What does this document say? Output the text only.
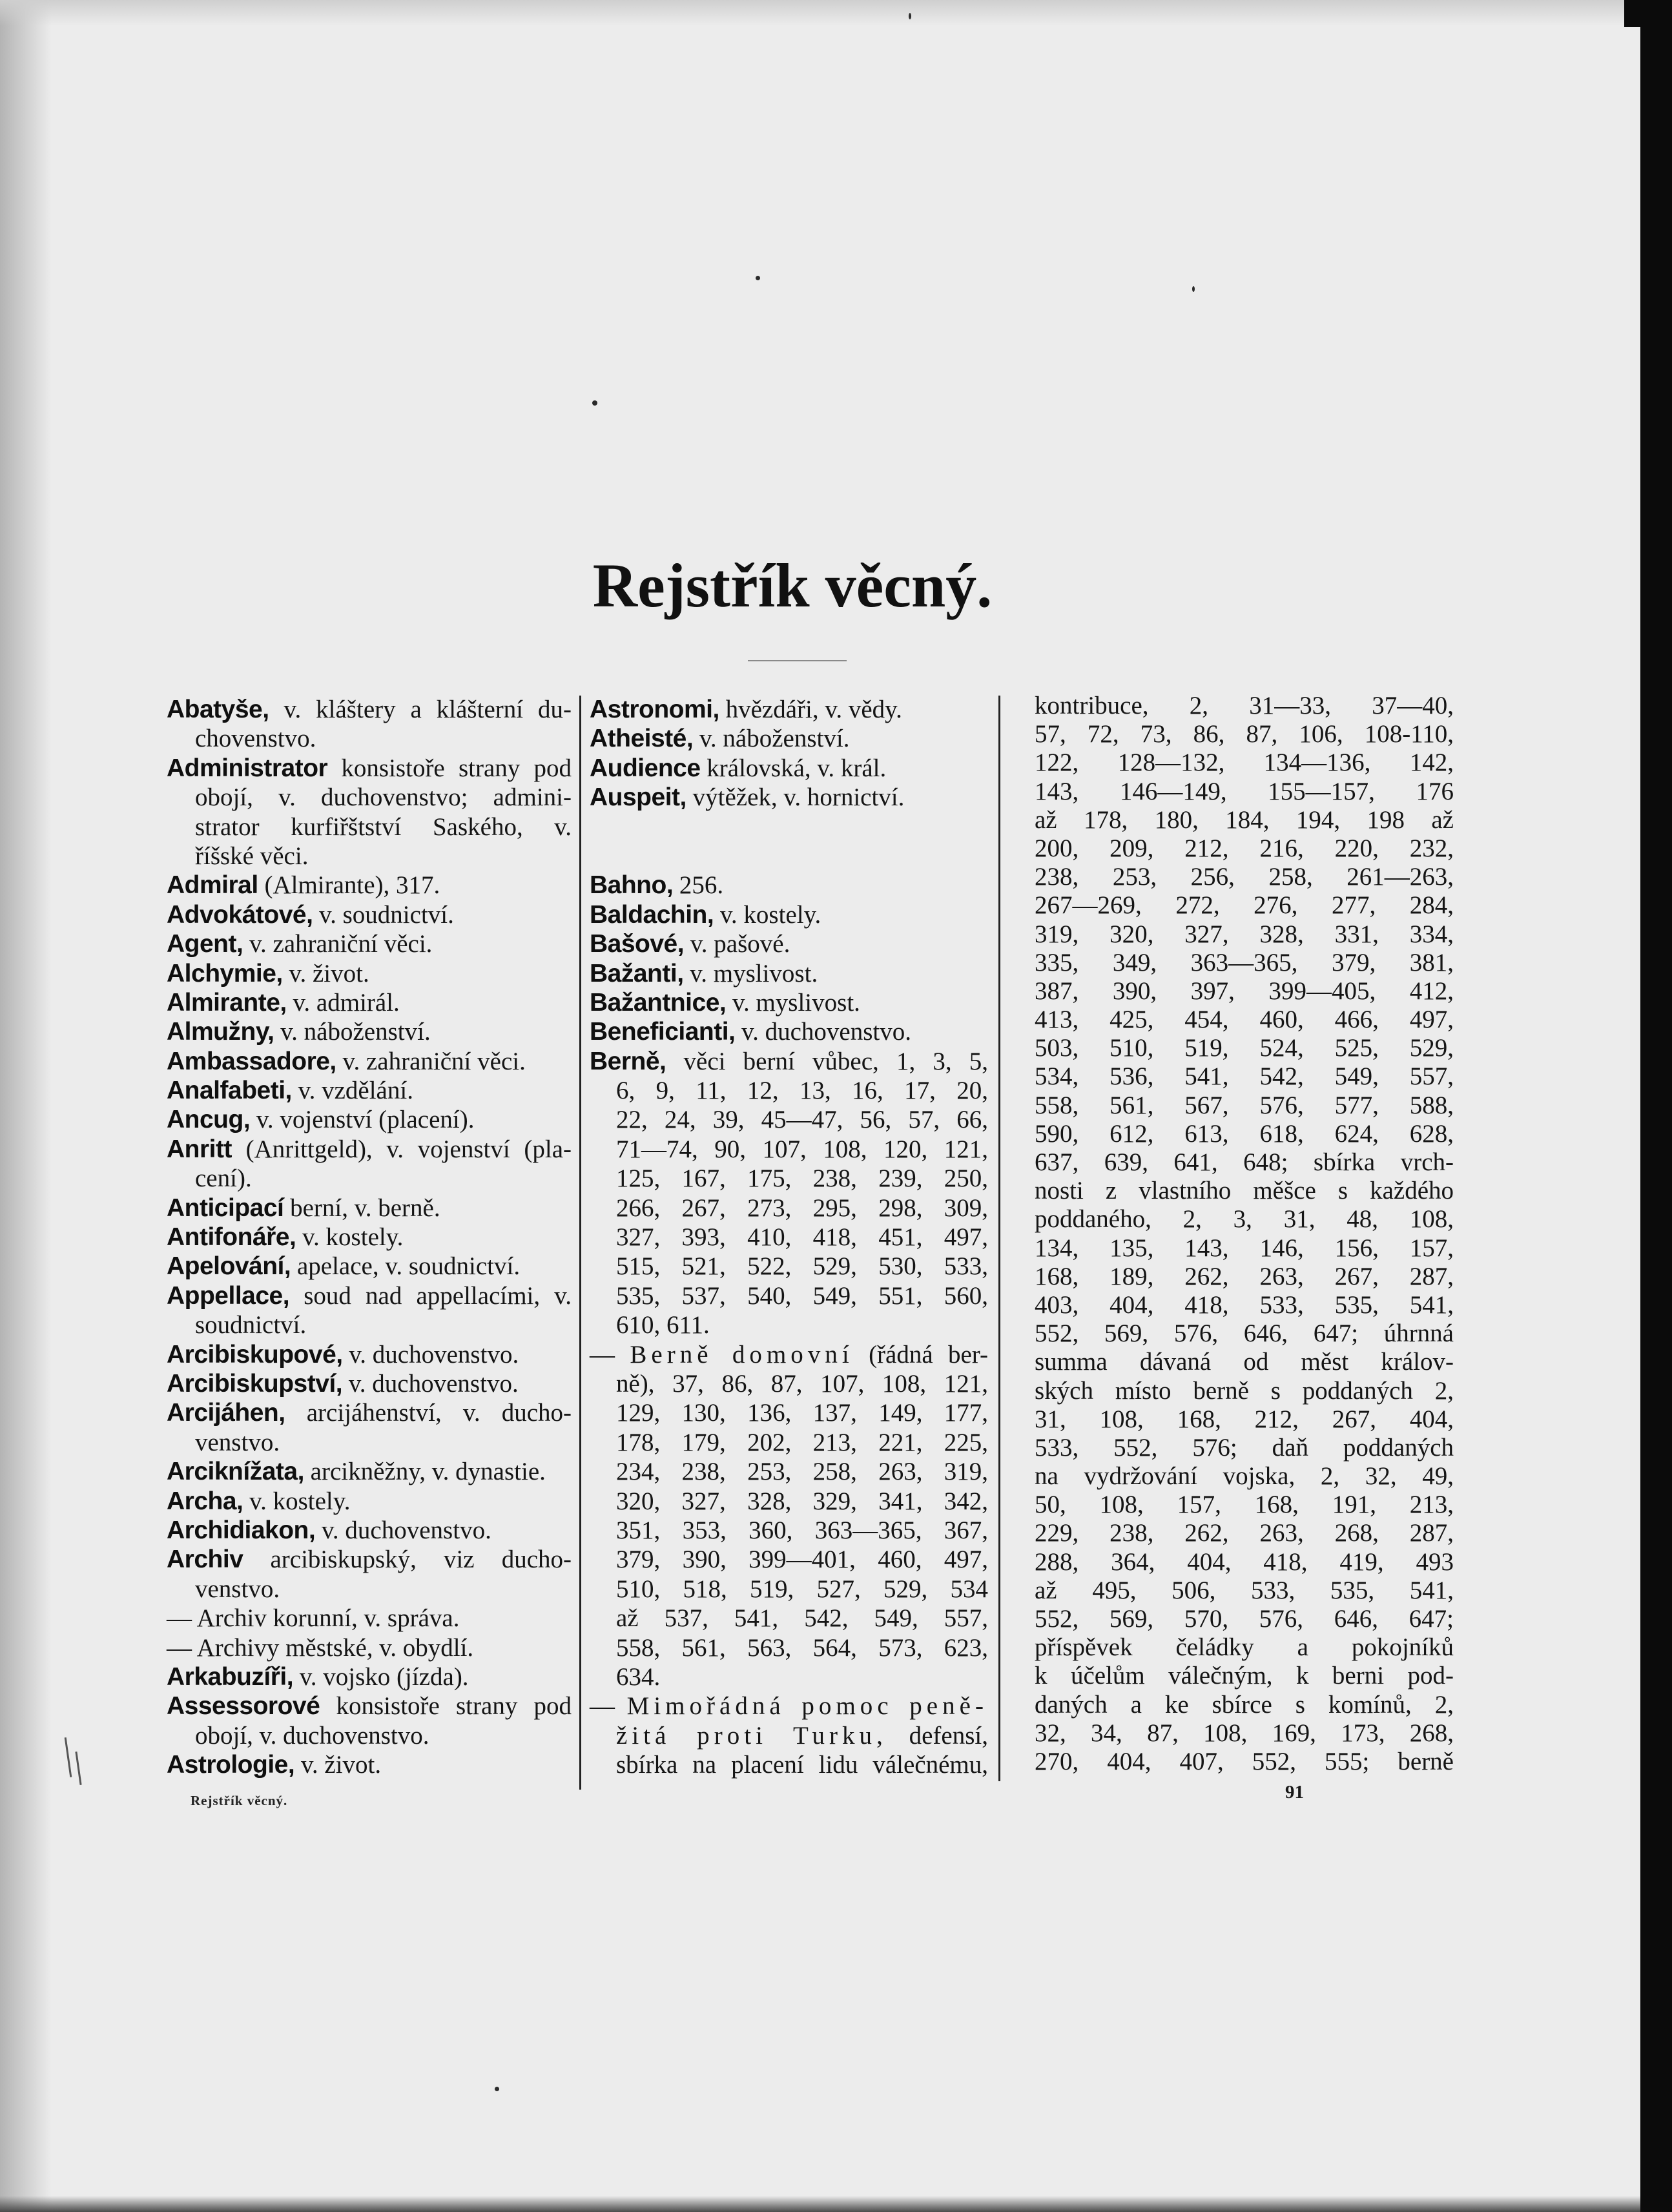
Rejstřík věcný.
Abatyše, v. kláštery a klášterní du-
chovenstvo.
Administrator konsistoře strany pod
obojí, v. duchovenstvo; admini-
strator kurfiřštství Saského, v.
říšské věci.
Admiral (Almirante), 317.
Advokátové, v. soudnictví.
Agent, v. zahraniční věci.
Alchymie, v. život.
Almirante, v. admirál.
Almužny, v. náboženství.
Ambassadore, v. zahraniční věci.
Analfabeti, v. vzdělání.
Ancug, v. vojenství (placení).
Anritt (Anrittgeld), v. vojenství (pla-
cení).
Anticipací berní, v. berně.
Antifonáře, v. kostely.
Apelování, apelace, v. soudnictví.
Appellace, soud nad appellacími, v.
soudnictví.
Arcibiskupové, v. duchovenstvo.
Arcibiskupství, v. duchovenstvo.
Arcijáhen, arcijáhenství, v. ducho-
venstvo.
Arciknížata, arcikněžny, v. dynastie.
Archa, v. kostely.
Archidiakon, v. duchovenstvo.
Archiv arcibiskupský, viz ducho-
venstvo.
— Archiv korunní, v. správa.
— Archivy městské, v. obydlí.
Arkabuzíři, v. vojsko (jízda).
Assessorové konsistoře strany pod
obojí, v. duchovenstvo.
Astrologie, v. život.
Astronomi, hvězdáři, v. vědy.
Atheisté, v. náboženství.
Audience královská, v. král.
Auspeit, výtěžek, v. hornictví.
Bahno, 256.
Baldachin, v. kostely.
Bašové, v. pašové.
Bažanti, v. myslivost.
Bažantnice, v. myslivost.
Beneficianti, v. duchovenstvo.
Berně, věci berní vůbec, 1, 3, 5,
6, 9, 11, 12, 13, 16, 17, 20,
22, 24, 39, 45—47, 56, 57, 66,
71—74, 90, 107, 108, 120, 121,
125, 167, 175, 238, 239, 250,
266, 267, 273, 295, 298, 309,
327, 393, 410, 418, 451, 497,
515, 521, 522, 529, 530, 533,
535, 537, 540, 549, 551, 560,
610, 611.
— Berně domovní (řádná ber-
ně), 37, 86, 87, 107, 108, 121,
129, 130, 136, 137, 149, 177,
178, 179, 202, 213, 221, 225,
234, 238, 253, 258, 263, 319,
320, 327, 328, 329, 341, 342,
351, 353, 360, 363—365, 367,
379, 390, 399—401, 460, 497,
510, 518, 519, 527, 529, 534
až 537, 541, 542, 549, 557,
558, 561, 563, 564, 573, 623,
634.
— Mimořádná pomoc peně-
žitá proti Turku, defensí,
sbírka na placení lidu válečnému,
kontribuce, 2, 31—33, 37—40,
57, 72, 73, 86, 87, 106, 108-110,
122, 128—132, 134—136, 142,
143, 146—149, 155—157, 176
až 178, 180, 184, 194, 198 až
200, 209, 212, 216, 220, 232,
238, 253, 256, 258, 261—263,
267—269, 272, 276, 277, 284,
319, 320, 327, 328, 331, 334,
335, 349, 363—365, 379, 381,
387, 390, 397, 399—405, 412,
413, 425, 454, 460, 466, 497,
503, 510, 519, 524, 525, 529,
534, 536, 541, 542, 549, 557,
558, 561, 567, 576, 577, 588,
590, 612, 613, 618, 624, 628,
637, 639, 641, 648; sbírka vrch-
nosti z vlastního měšce s každého
poddaného, 2, 3, 31, 48, 108,
134, 135, 143, 146, 156, 157,
168, 189, 262, 263, 267, 287,
403, 404, 418, 533, 535, 541,
552, 569, 576, 646, 647; úhrnná
summa dávaná od měst králov-
ských místo berně s poddaných 2,
31, 108, 168, 212, 267, 404,
533, 552, 576; daň poddaných
na vydržování vojska, 2, 32, 49,
50, 108, 157, 168, 191, 213,
229, 238, 262, 263, 268, 287,
288, 364, 404, 418, 419, 493
až 495, 506, 533, 535, 541,
552, 569, 570, 576, 646, 647;
příspěvek čeládky a pokojníků
k účelům válečným, k berni pod-
daných a ke sbírce s komínů, 2,
32, 34, 87, 108, 169, 173, 268,
270, 404, 407, 552, 555; berně
Rejstřík věcný.	91
